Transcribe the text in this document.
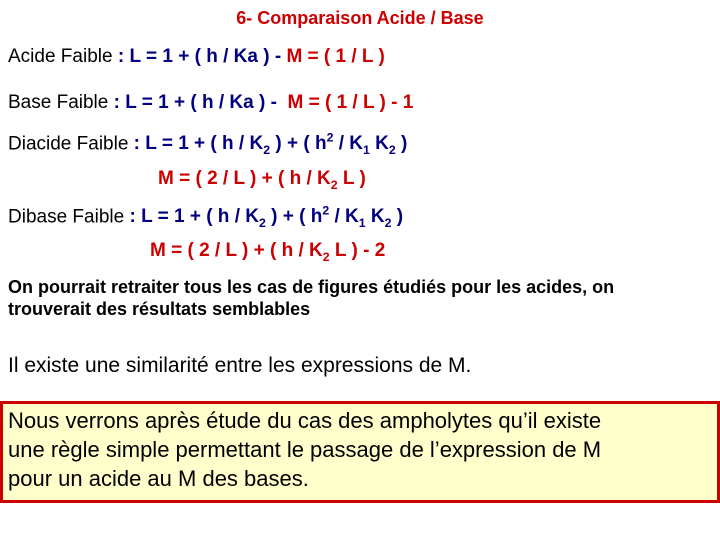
6- Comparaison Acide / Base
Acide Faible : L = 1 + ( h / Ka ) - M = ( 1 / L )
Base Faible : L = 1 + ( h / Ka ) - M = ( 1 / L ) - 1
Diacide Faible : L = 1 + ( h / $K_2$ ) + ( $h^2 / K_1$ $K_2$ )
M = ( 2 / L ) + ( h / $K_2$ L )
Dibase Faible : L = 1 + ( h / $K_2$ ) + ( $h^2 / K_1$ $K_2$ )
M = ( 2 / L ) + ( h / $K_2$ L ) - 2
On pourrait retraiter tous les cas de figures étudiés pour les acides, on
trouverait des résultats semblables
Il existe une similarité entre les expressions de M.
Nous verrons après étude du cas des ampholytes qu’il existe
une règle simple permettant le passage de l’expression de M
pour un acide au M des bases.
